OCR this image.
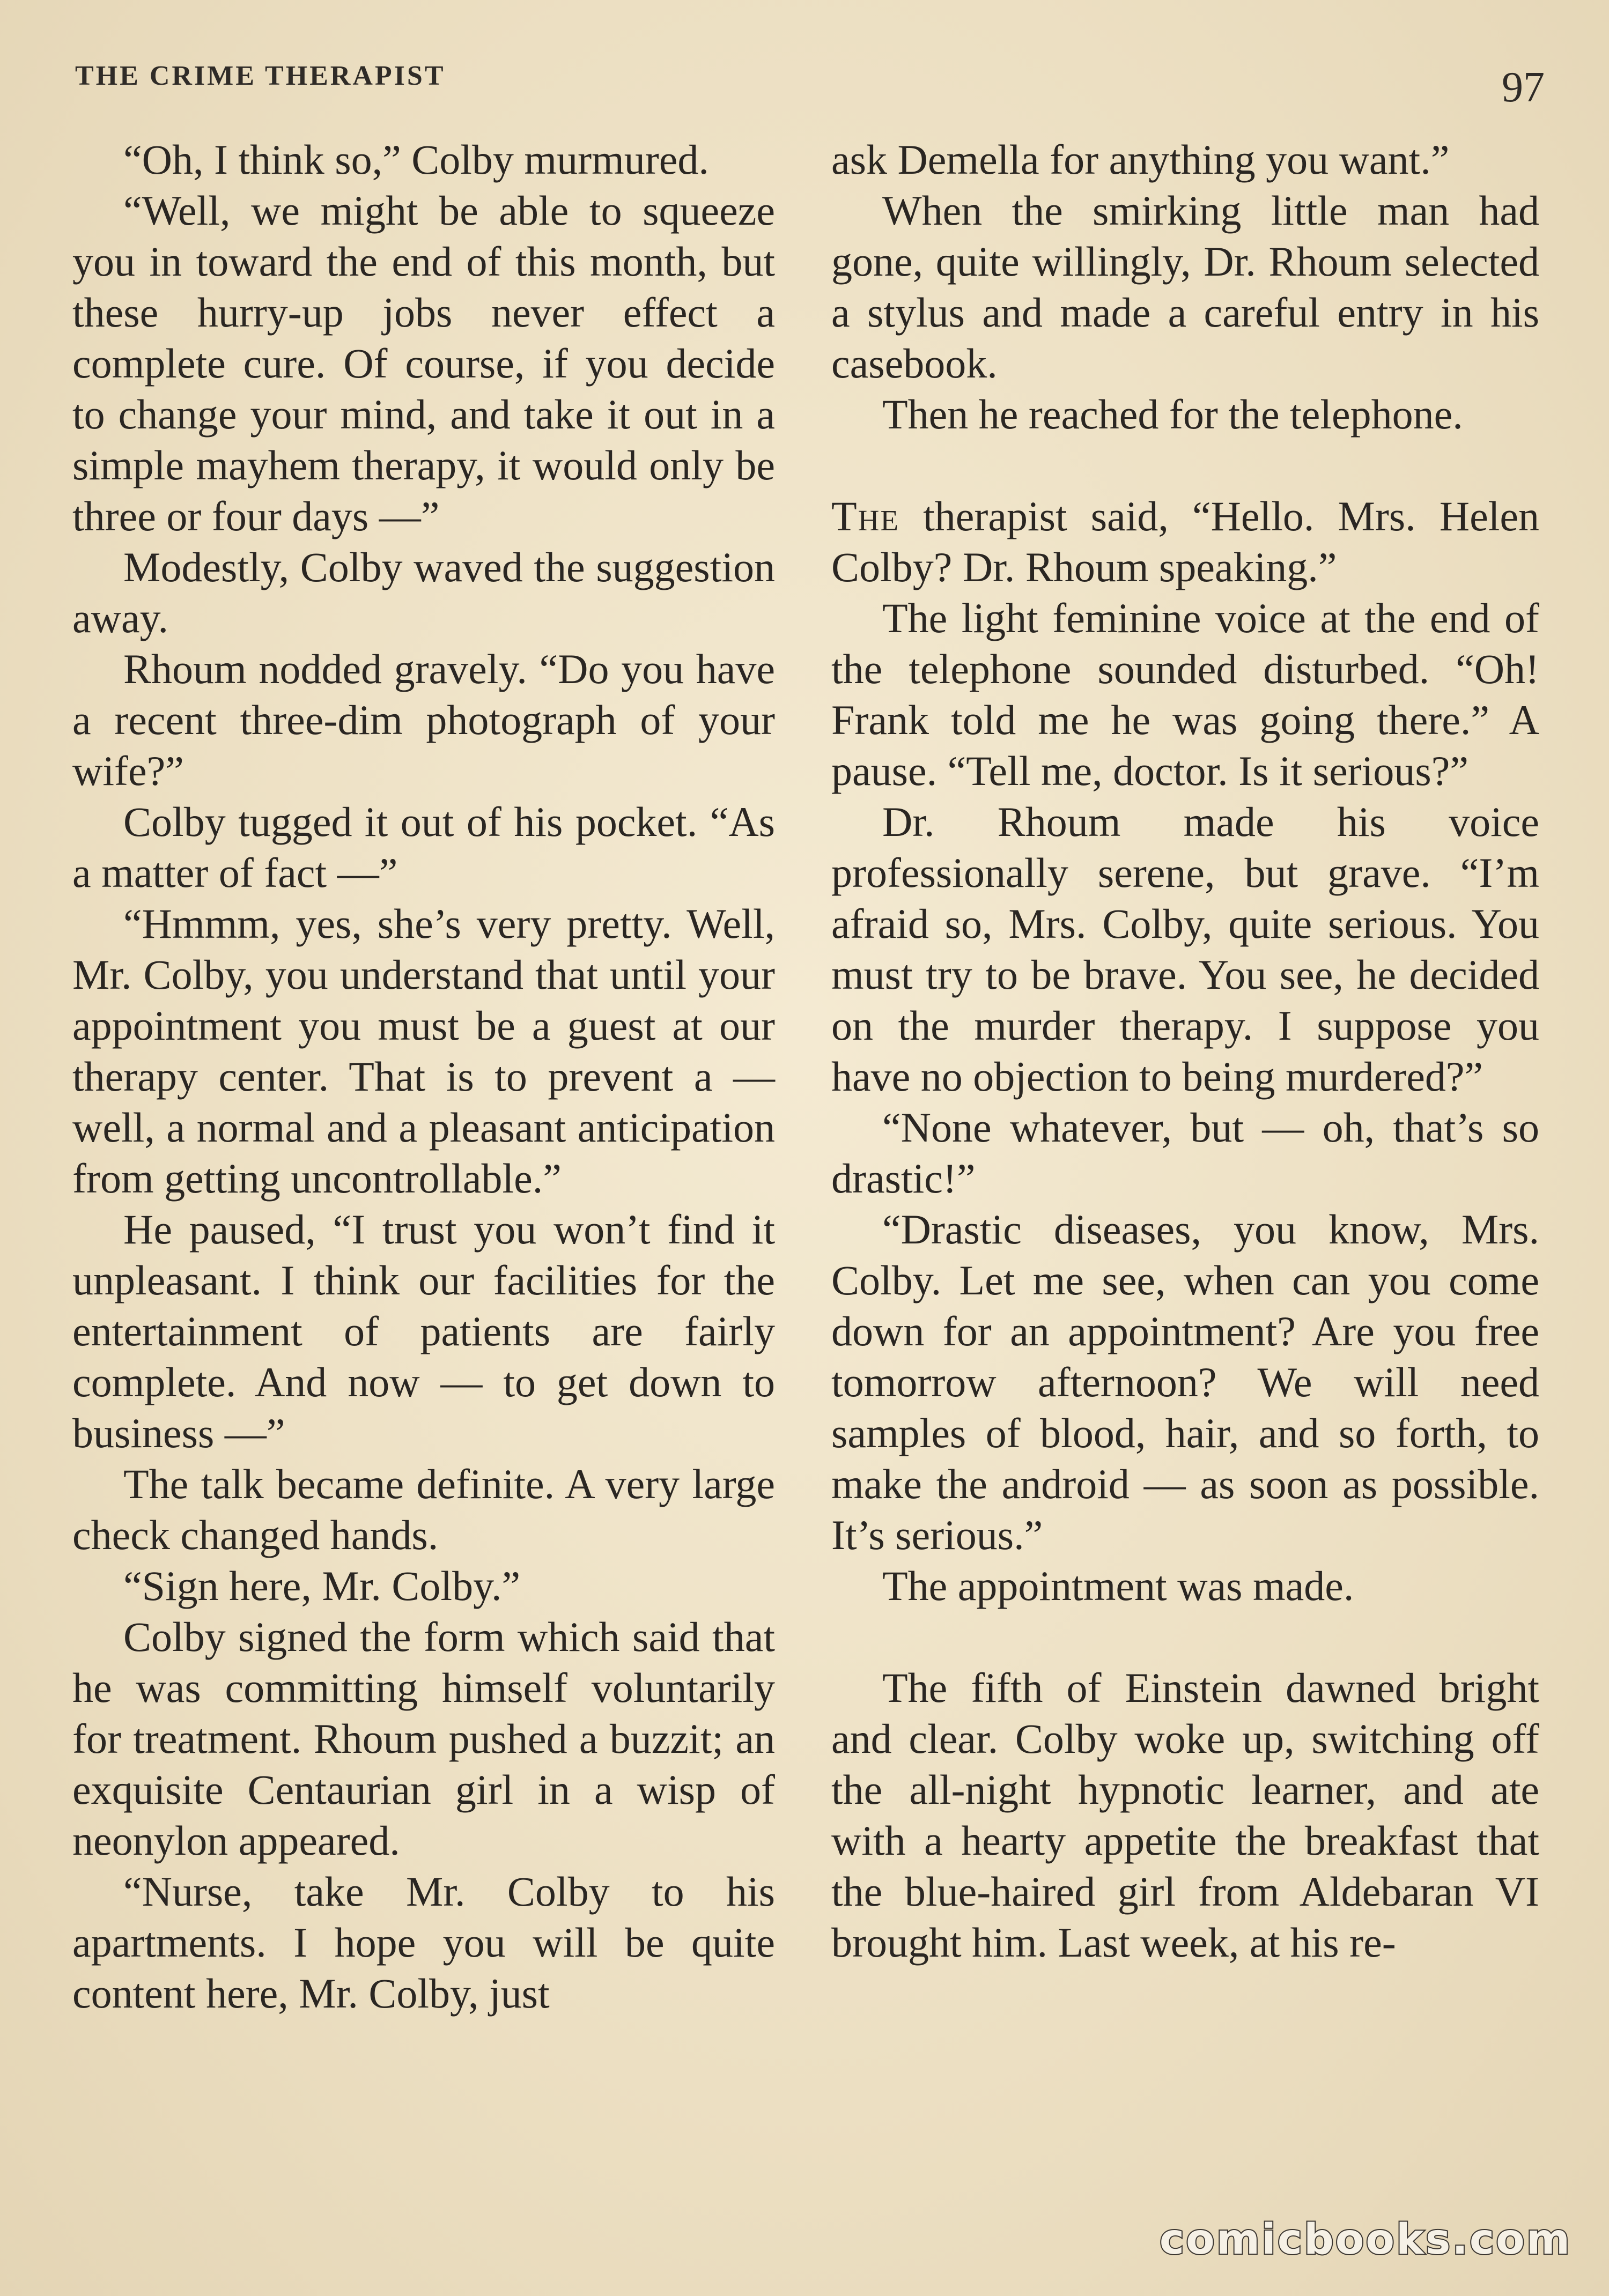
THE CRIME THERAPIST	97

“Oh, I think so,” Colby murmured.

“Well, we might be able to squeeze you in toward the end of this month, but these hurry-up jobs never effect a complete cure. Of course, if you decide to change your mind, and take it out in a simple mayhem therapy, it would only be three or four days —”

Modestly, Colby waved the suggestion away.

Rhoum nodded gravely. “Do you have a recent three-dim photograph of your wife?”

Colby tugged it out of his pocket. “As a matter of fact —”

“Hmmm, yes, she’s very pretty. Well, Mr. Colby, you understand that until your appointment you must be a guest at our therapy center. That is to prevent a — well, a normal and a pleasant anticipation from getting uncontrollable.”

He paused, “I trust you won’t find it unpleasant. I think our facilities for the entertainment of patients are fairly complete. And now — to get down to business —”

The talk became definite. A very large check changed hands.

“Sign here, Mr. Colby.”

Colby signed the form which said that he was committing himself voluntarily for treatment. Rhoum pushed a buzzit; an exquisite Centaurian girl in a wisp of neonylon appeared.

“Nurse, take Mr. Colby to his apartments. I hope you will be quite content here, Mr. Colby, just

ask Demella for anything you want.”

When the smirking little man had gone, quite willingly, Dr. Rhoum selected a stylus and made a careful entry in his casebook.

Then he reached for the telephone.

The therapist said, “Hello. Mrs. Helen Colby? Dr. Rhoum speaking.”

The light feminine voice at the end of the telephone sounded disturbed. “Oh! Frank told me he was going there.” A pause. “Tell me, doctor. Is it serious?”

Dr. Rhoum made his voice professionally serene, but grave. “I’m afraid so, Mrs. Colby, quite serious. You must try to be brave. You see, he decided on the murder therapy. I suppose you have no objection to being murdered?”

“None whatever, but — oh, that’s so drastic!”

“Drastic diseases, you know, Mrs. Colby. Let me see, when can you come down for an appointment? Are you free tomorrow afternoon? We will need samples of blood, hair, and so forth, to make the android — as soon as possible. It’s serious.”

The appointment was made.

The fifth of Einstein dawned bright and clear. Colby woke up, switching off the all-night hypnotic learner, and ate with a hearty appetite the breakfast that the blue-haired girl from Aldebaran VI brought him. Last week, at his re-

comicbooks.com
